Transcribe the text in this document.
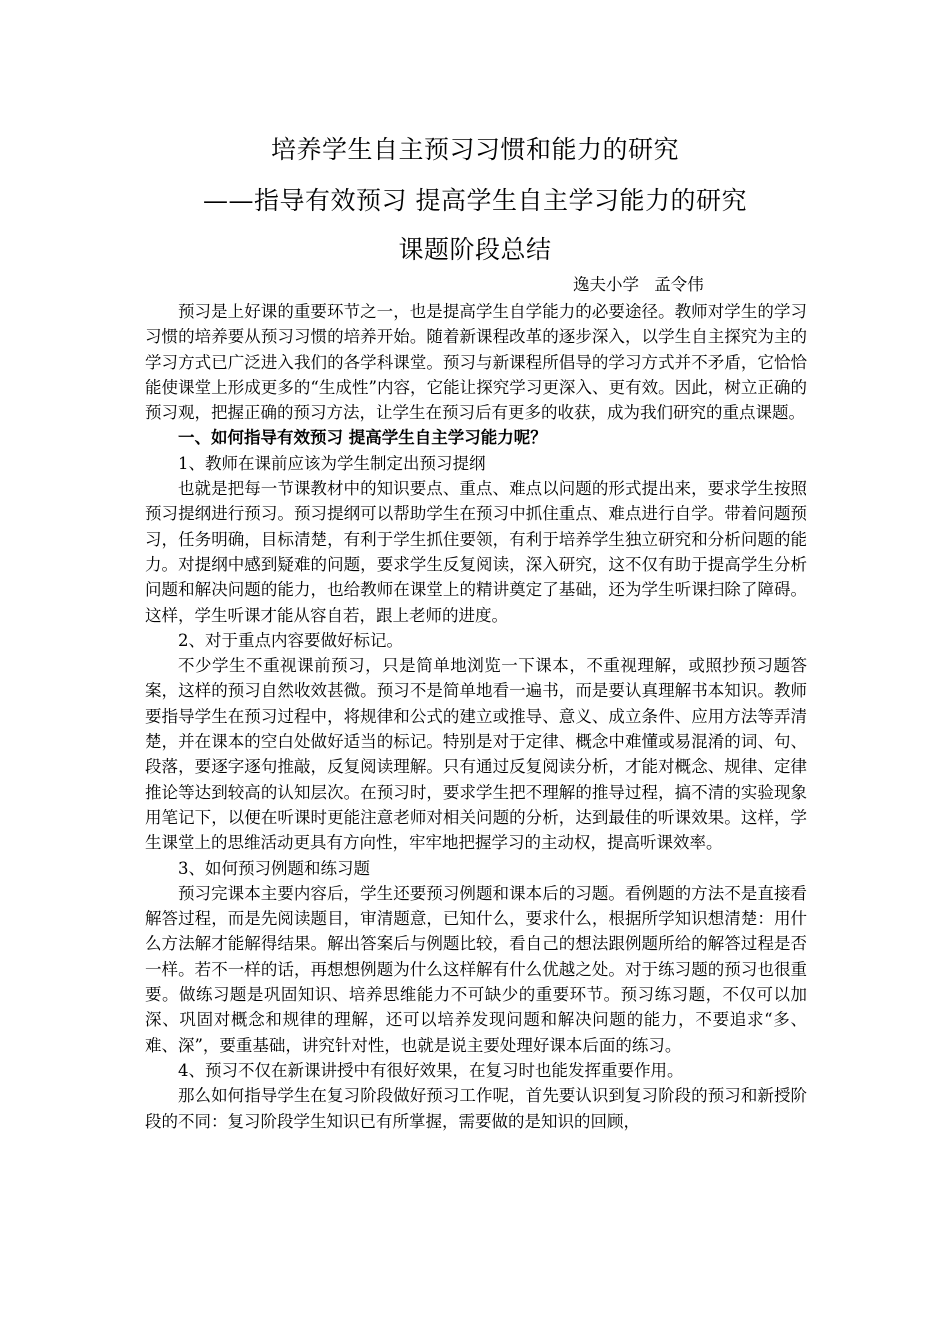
培养学生自主预习习惯和能力的研究
——指导有效预习 提高学生自主学习能力的研究
课题阶段总结
逸夫小学 孟令伟

预习是上好课的重要环节之一，也是提高学生自学能力的必要途径。教师对学生的学习习惯的培养要从预习习惯的培养开始。随着新课程改革的逐步深入，以学生自主探究为主的学习方式已广泛进入我们的各学科课堂。预习与新课程所倡导的学习方式并不矛盾，它恰恰能使课堂上形成更多的“生成性”内容，它能让探究学习更深入、更有效。因此，树立正确的预习观，把握正确的预习方法，让学生在预习后有更多的收获，成为我们研究的重点课题。

一、如何指导有效预习 提高学生自主学习能力呢？

1、教师在课前应该为学生制定出预习提纲

也就是把每一节课教材中的知识要点、重点、难点以问题的形式提出来，要求学生按照预习提纲进行预习。预习提纲可以帮助学生在预习中抓住重点、难点进行自学。带着问题预习，任务明确，目标清楚，有利于学生抓住要领，有利于培养学生独立研究和分析问题的能力。对提纲中感到疑难的问题，要求学生反复阅读，深入研究，这不仅有助于提高学生分析问题和解决问题的能力，也给教师在课堂上的精讲奠定了基础，还为学生听课扫除了障碍。这样，学生听课才能从容自若，跟上老师的进度。

2、对于重点内容要做好标记。

不少学生不重视课前预习，只是简单地浏览一下课本，不重视理解，或照抄预习题答案，这样的预习自然收效甚微。预习不是简单地看一遍书，而是要认真理解书本知识。教师要指导学生在预习过程中，将规律和公式的建立或推导、意义、成立条件、应用方法等弄清楚，并在课本的空白处做好适当的标记。特别是对于定律、概念中难懂或易混淆的词、句、段落，要逐字逐句推敲，反复阅读理解。只有通过反复阅读分析，才能对概念、规律、定律推论等达到较高的认知层次。在预习时，要求学生把不理解的推导过程，搞不清的实验现象用笔记下，以便在听课时更能注意老师对相关问题的分析，达到最佳的听课效果。这样，学生课堂上的思维活动更具有方向性，牢牢地把握学习的主动权，提高听课效率。

3、如何预习例题和练习题

预习完课本主要内容后，学生还要预习例题和课本后的习题。看例题的方法不是直接看解答过程，而是先阅读题目，审清题意，已知什么，要求什么，根据所学知识想清楚：用什么方法解才能解得结果。解出答案后与例题比较，看自己的想法跟例题所给的解答过程是否一样。若不一样的话，再想想例题为什么这样解有什么优越之处。对于练习题的预习也很重要。做练习题是巩固知识、培养思维能力不可缺少的重要环节。预习练习题，不仅可以加深、巩固对概念和规律的理解，还可以培养发现问题和解决问题的能力，不要追求“多、难、深”，要重基础，讲究针对性，也就是说主要处理好课本后面的练习。

4、预习不仅在新课讲授中有很好效果，在复习时也能发挥重要作用。

那么如何指导学生在复习阶段做好预习工作呢，首先要认识到复习阶段的预习和新授阶段的不同：复习阶段学生知识已有所掌握，需要做的是知识的回顾，
